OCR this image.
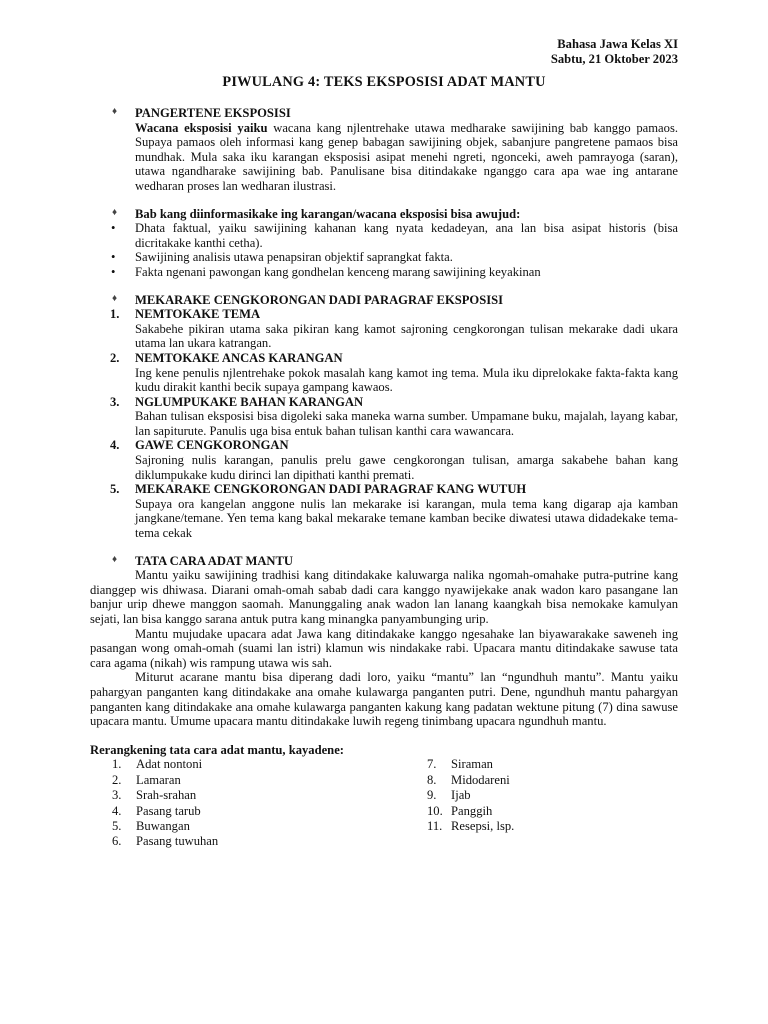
Bahasa Jawa Kelas XI
Sabtu, 21 Oktober 2023
PIWULANG 4: TEKS EKSPOSISI ADAT MANTU
♦ PANGERTENE EKSPOSISI
Wacana eksposisi yaiku wacana kang njlentrehake utawa medharake sawijining bab kanggo pamaos. Supaya pamaos oleh informasi kang genep babagan sawijining objek, sabanjure pangretene pamaos bisa mundhak. Mula saka iku karangan eksposisi asipat menehi ngreti, ngonceki, aweh pamrayoga (saran), utawa ngandharake sawijining bab. Panulisane bisa ditindakake nganggo cara apa wae ing antarane wedharan proses lan wedharan ilustrasi.
♦ Bab kang diinformasikake ing karangan/wacana eksposisi bisa awujud:
• Dhata faktual, yaiku sawijining kahanan kang nyata kedadeyan, ana lan bisa asipat historis (bisa dicritakake kanthi cetha).
• Sawijining analisis utawa penapsiran objektif saprangkat fakta.
• Fakta ngenani pawongan kang gondhelan kenceng marang sawijining keyakinan
♦ MEKARAKE CENGKORONGAN DADI PARAGRAF EKSPOSISI
1. NEMTOKAKE TEMA
Sakabehe pikiran utama saka pikiran kang kamot sajroning cengkorongan tulisan mekarake dadi ukara utama lan ukara katrangan.
2. NEMTOKAKE ANCAS KARANGAN
Ing kene penulis njlentrehake pokok masalah kang kamot ing tema. Mula iku diprelokake fakta-fakta kang kudu dirakit kanthi becik supaya gampang kawaos.
3. NGLUMPUKAKE BAHAN KARANGAN
Bahan tulisan eksposisi bisa digoleki saka maneka warna sumber. Umpamane buku, majalah, layang kabar, lan sapiturute. Panulis uga bisa entuk bahan tulisan kanthi cara wawancara.
4. GAWE CENGKORONGAN
Sajroning nulis karangan, panulis prelu gawe cengkorongan tulisan, amarga sakabehe bahan kang diklumpukake kudu dirinci lan dipithati kanthi premati.
5. MEKARAKE CENGKORONGAN DADI PARAGRAF KANG WUTUH
Supaya ora kangelan anggone nulis lan mekarake isi karangan, mula tema kang digarap aja kamban jangkane/temane. Yen tema kang bakal mekarake temane kamban becike diwatesi utawa didadekake tema-tema cekak
♦ TATA CARA ADAT MANTU
Mantu yaiku sawijining tradhisi kang ditindakake kaluwarga nalika ngomah-omahake putra-putrine kang dianggep wis dhiwasa. Diarani omah-omah sabab dadi cara kanggo nyawijekake anak wadon karo pasangane lan banjur urip dhewe manggon saomah. Manunggaling anak wadon lan lanang kaangkah bisa nemokake kamulyan sejati, lan bisa kanggo sarana antuk putra kang minangka panyambunging urip.
Mantu mujudake upacara adat Jawa kang ditindakake kanggo ngesahake lan biyawarakake saweneh ing pasangan wong omah-omah (suami lan istri) klamun wis nindakake rabi. Upacara mantu ditindakake sawuse tata cara agama (nikah) wis rampung utawa wis sah.
Miturut acarane mantu bisa diperang dadi loro, yaiku “mantu” lan “ngundhuh mantu”. Mantu yaiku pahargyan panganten kang ditindakake ana omahe kulawarga panganten putri. Dene, ngundhuh mantu pahargyan panganten kang ditindakake ana omahe kulawarga panganten kakung kang padatan wektune pitung (7) dina sawuse upacara mantu. Umume upacara mantu ditindakake luwih regeng tinimbang upacara ngundhuh mantu.
Rerangkening tata cara adat mantu, kayadene:
1. Adat nontoni
2. Lamaran
3. Srah-srahan
4. Pasang tarub
5. Buwangan
6. Pasang tuwuhan
7. Siraman
8. Midodareni
9. Ijab
10. Panggih
11. Resepsi, lsp.
